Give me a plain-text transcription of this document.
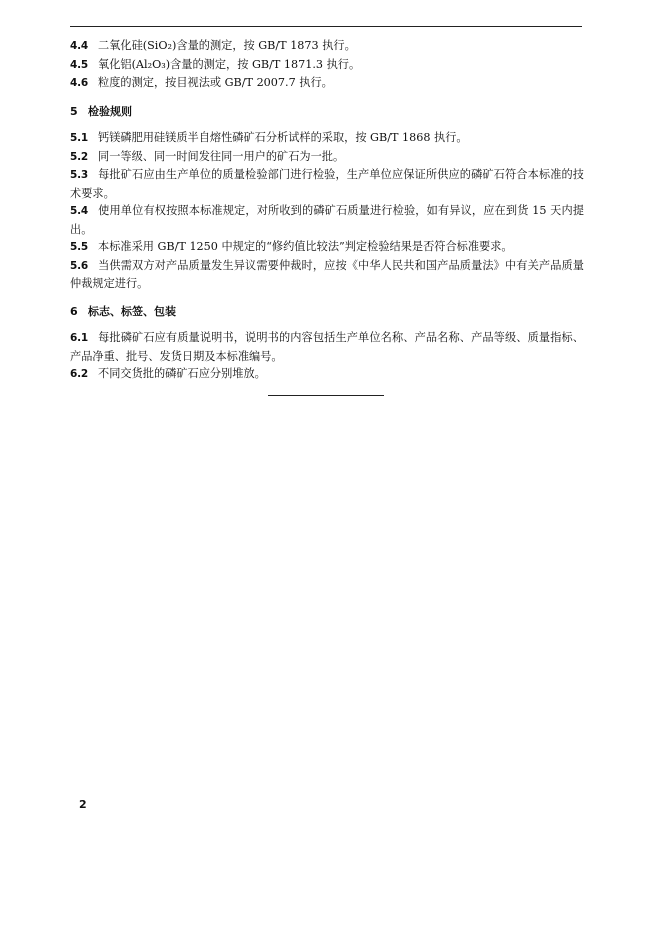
4.4 二氧化硅(SiO₂)含量的测定，按 GB/T 1873 执行。

4.5 氧化铝(Al₂O₃)含量的测定，按 GB/T 1871.3 执行。

4.6 粒度的测定，按目视法或 GB/T 2007.7 执行。

5 检验规则

5.1 钙镁磷肥用硅镁质半自熔性磷矿石分析试样的采取，按 GB/T 1868 执行。

5.2 同一等级、同一时间发往同一用户的矿石为一批。

5.3 每批矿石应由生产单位的质量检验部门进行检验，生产单位应保证所供应的磷矿石符合本标准的技术要求。

5.4 使用单位有权按照本标准规定，对所收到的磷矿石质量进行检验，如有异议，应在到货 15 天内提出。

5.5 本标准采用 GB/T 1250 中规定的“修约值比较法”判定检验结果是否符合标准要求。

5.6 当供需双方对产品质量发生异议需要仲裁时，应按《中华人民共和国产品质量法》中有关产品质量仲裁规定进行。

6 标志、标签、包装

6.1 每批磷矿石应有质量说明书，说明书的内容包括生产单位名称、产品名称、产品等级、质量指标、产品净重、批号、发货日期及本标准编号。

6.2 不同交货批的磷矿石应分别堆放。

2
